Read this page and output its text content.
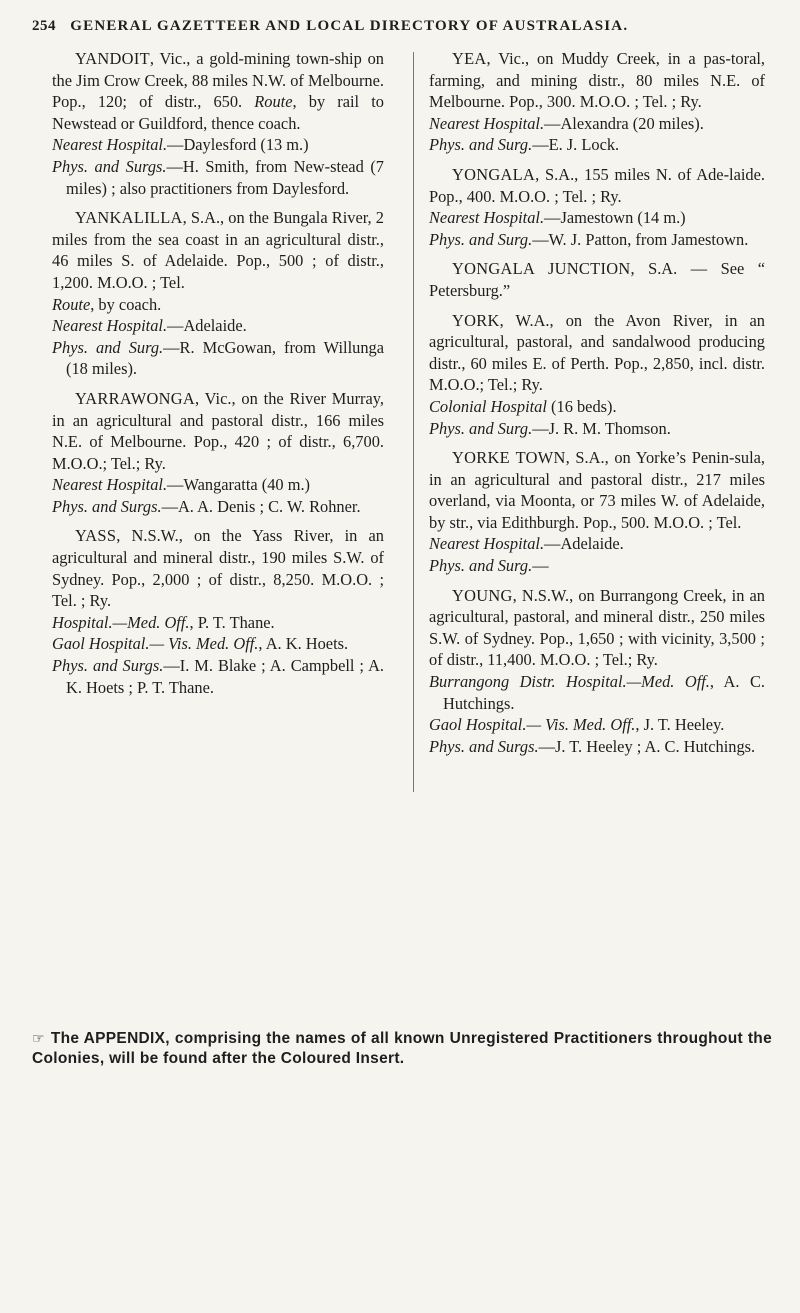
254 GENERAL GAZETTEER AND LOCAL DIRECTORY OF AUSTRALASIA.
YANDOIT, Vic., a gold-mining town-ship on the Jim Crow Creek, 88 miles N.W. of Melbourne. Pop., 120; of distr., 650. Route, by rail to Newstead or Guildford, thence coach.
Nearest Hospital.—Daylesford (13 m.)
Phys. and Surgs.—H. Smith, from New-stead (7 miles) ; also practitioners from Daylesford.
YANKALILLA, S.A., on the Bungala River, 2 miles from the sea coast in an agricultural distr., 46 miles S. of Adelaide. Pop., 500 ; of distr., 1,200. M.O.O. ; Tel.
Route, by coach.
Nearest Hospital.—Adelaide.
Phys. and Surg.—R. McGowan, from Willunga (18 miles).
YARRAWONGA, Vic., on the River Murray, in an agricultural and pastoral distr., 166 miles N.E. of Melbourne. Pop., 420 ; of distr., 6,700. M.O.O.; Tel.; Ry.
Nearest Hospital.—Wangaratta (40 m.)
Phys. and Surgs.—A. A. Denis ; C. W. Rohner.
YASS, N.S.W., on the Yass River, in an agricultural and mineral distr., 190 miles S.W. of Sydney. Pop., 2,000 ; of distr., 8,250. M.O.O. ; Tel. ; Ry.
Hospital.—Med. Off., P. T. Thane.
Gaol Hospital.— Vis. Med. Off., A. K. Hoets.
Phys. and Surgs.—I. M. Blake ; A. Campbell ; A. K. Hoets ; P. T. Thane.
YEA, Vic., on Muddy Creek, in a pas-toral, farming, and mining distr., 80 miles N.E. of Melbourne. Pop., 300. M.O.O. ; Tel. ; Ry.
Nearest Hospital.—Alexandra (20 miles).
Phys. and Surg.—E. J. Lock.
YONGALA, S.A., 155 miles N. of Ade-laide. Pop., 400. M.O.O. ; Tel. ; Ry.
Nearest Hospital.—Jamestown (14 m.)
Phys. and Surg.—W. J. Patton, from Jamestown.
YONGALA JUNCTION, S.A. — See “ Petersburg.”
YORK, W.A., on the Avon River, in an agricultural, pastoral, and sandalwood producing distr., 60 miles E. of Perth. Pop., 2,850, incl. distr. M.O.O.; Tel.; Ry.
Colonial Hospital (16 beds).
Phys. and Surg.—J. R. M. Thomson.
YORKE TOWN, S.A., on Yorke’s Penin-sula, in an agricultural and pastoral distr., 217 miles overland, via Moonta, or 73 miles W. of Adelaide, by str., via Edithburgh. Pop., 500. M.O.O. ; Tel.
Nearest Hospital.—Adelaide.
Phys. and Surg.—
YOUNG, N.S.W., on Burrangong Creek, in an agricultural, pastoral, and mineral distr., 250 miles S.W. of Sydney. Pop., 1,650 ; with vicinity, 3,500 ; of distr., 11,400. M.O.O. ; Tel.; Ry.
Burrangong Distr. Hospital.—Med. Off., A. C. Hutchings.
Gaol Hospital.— Vis. Med. Off., J. T. Heeley.
Phys. and Surgs.—J. T. Heeley ; A. C. Hutchings.
☞ The APPENDIX, comprising the names of all known Unregistered Practitioners throughout the Colonies, will be found after the Coloured Insert.
